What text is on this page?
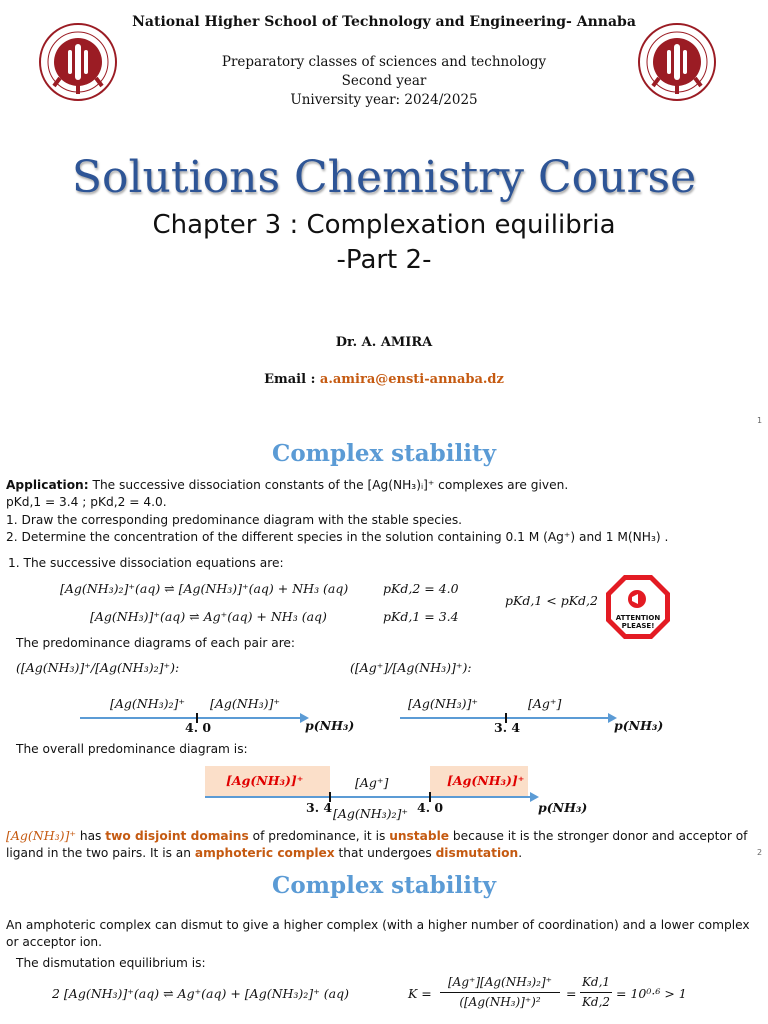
National Higher School of Technology and Engineering- Annaba
Preparatory classes of sciences and technology
Second year
University year: 2024/2025
Solutions Chemistry Course
Chapter 3 : Complexation equilibria
-Part 2-
Dr. A. AMIRA
Email : a.amira@ensti-annaba.dz
1
Complex stability
Application: The successive dissociation constants of the [Ag(NH₃)ᵢ]⁺ complexes are given.
pKd,1 = 3.4 ; pKd,2 = 4.0.
1. Draw the corresponding predominance diagram with the stable species.
2. Determine the concentration of the different species in the solution containing 0.1 M (Ag⁺) and 1 M(NH₃) .
1. The successive dissociation equations are:
[Ag(NH₃)₂]⁺(aq) ⇌ [Ag(NH₃)]⁺(aq) + NH₃ (aq)	pKd,2 = 4.0
[Ag(NH₃)]⁺(aq) ⇌ Ag⁺(aq) + NH₃ (aq)	pKd,1 = 3.4
pKd,1 < pKd,2
ATTENTION
PLEASE!
The predominance diagrams of each pair are:
([Ag(NH₃)]⁺/[Ag(NH₃)₂]⁺):	([Ag⁺]/[Ag(NH₃)]⁺):
[Ag(NH₃)₂]⁺ [Ag(NH₃)]⁺
4. 0	p(NH₃)
[Ag(NH₃)]⁺	[Ag⁺]
3. 4	p(NH₃)
The overall predominance diagram is:
[Ag(NH₃)]⁺	[Ag⁺]	[Ag(NH₃)]⁺
3. 4 [Ag(NH₃)₂]⁺ 4. 0	p(NH₃)
[Ag(NH₃)]⁺ has two disjoint domains of predominance, it is unstable because it is the stronger donor and acceptor of
ligand in the two pairs. It is an amphoteric complex that undergoes dismutation.	2
Complex stability
An amphoteric complex can dismut to give a higher complex (with a higher number of coordination) and a lower complex
or acceptor ion.
The dismutation equilibrium is:
2 [Ag(NH₃)]⁺(aq) ⇌ Ag⁺(aq) + [Ag(NH₃)₂]⁺ (aq)	K =
[Ag⁺][Ag(NH₃)₂]⁺
([Ag(NH₃)]⁺)²
=
Kd,1
Kd,2
= 10⁰·⁶ > 1
